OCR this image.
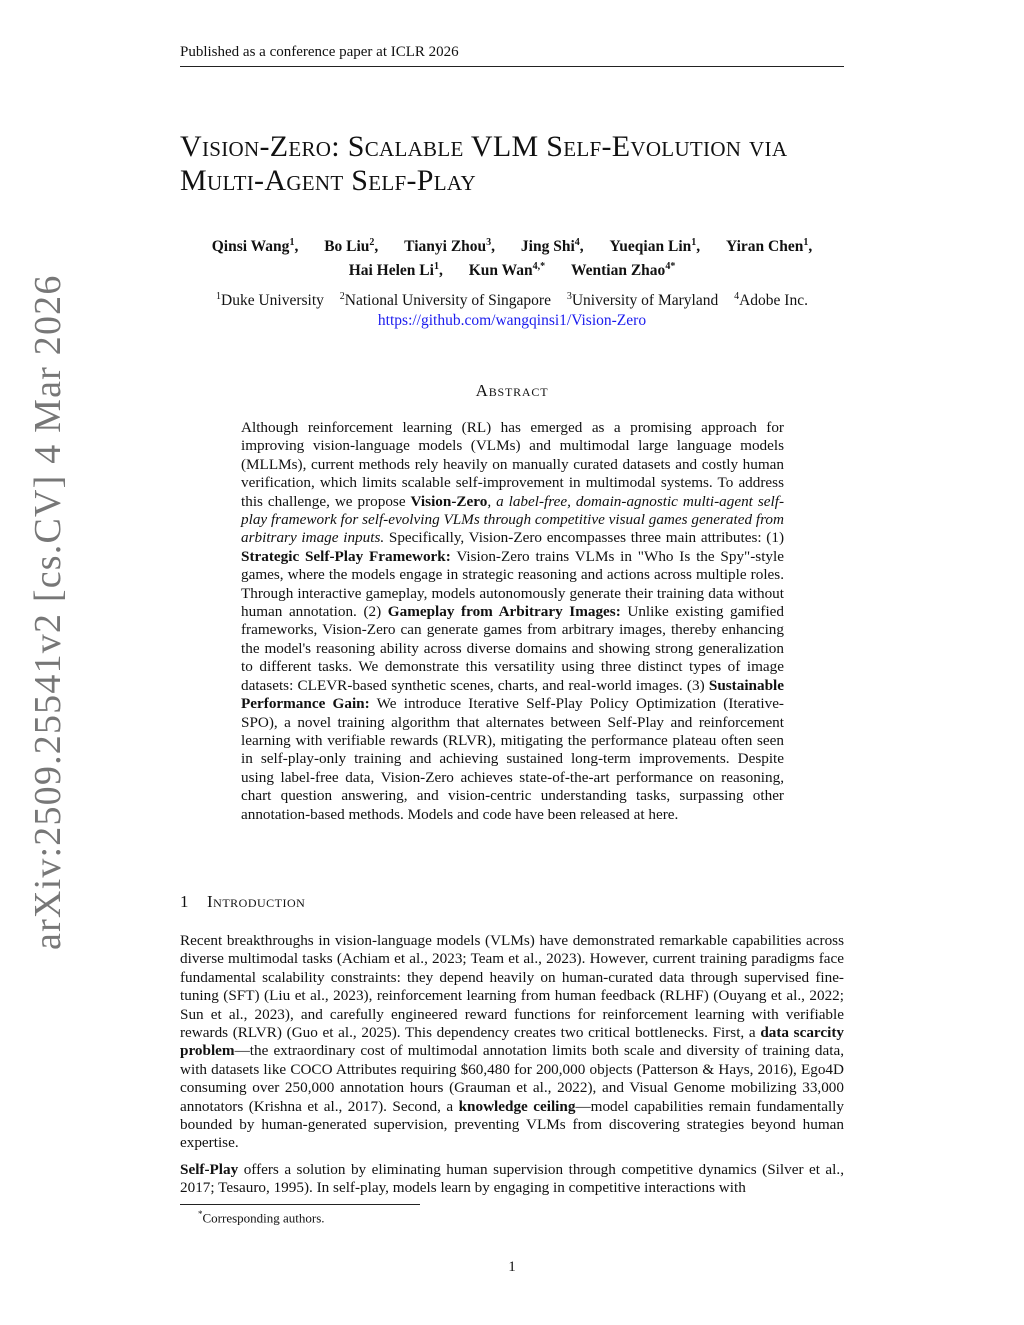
Published as a conference paper at ICLR 2026
Vision-Zero: Scalable VLM Self-Evolution via
Multi-Agent Self-Play
Qinsi Wang$^1$, Bo Liu$^2$, Tianyi Zhou$^3$, Jing Shi$^4$, Yueqian Lin$^1$, Yiran Chen$^1$,
Hai Helen Li$^1$, Kun Wan$^{4,*}$ Wentian Zhao$^{4*}$
$^1$Duke University $^2$National University of Singapore $^3$University of Maryland $^4$Adobe Inc.
https://github.com/wangqinsi1/Vision-Zero
arXiv:2509.25541v2 [cs.CV] 4 Mar 2026	Abstract
Although reinforcement learning (RL) has emerged as a promising approach for improving vision-language models (VLMs) and multimodal large language models (MLLMs), current methods rely heavily on manually curated datasets and costly human verification, which limits scalable self-improvement in multimodal systems. To address this challenge, we propose Vision-Zero, a label-free, domain-agnostic multi-agent self-play framework for self-evolving VLMs through competitive visual games generated from arbitrary image inputs. Specifically, Vision-Zero encompasses three main attributes: (1) Strategic Self-Play Framework: Vision-Zero trains VLMs in "Who Is the Spy"-style games, where the models engage in strategic reasoning and actions across multiple roles. Through interactive gameplay, models autonomously generate their training data without human annotation. (2) Gameplay from Arbitrary Images: Unlike existing gamified frameworks, Vision-Zero can generate games from arbitrary images, thereby enhancing the model's reasoning ability across diverse domains and showing strong generalization to different tasks. We demonstrate this versatility using three distinct types of image datasets: CLEVR-based synthetic scenes, charts, and real-world images. (3) Sustainable Performance Gain: We introduce Iterative Self-Play Policy Optimization (Iterative-SPO), a novel training algorithm that alternates between Self-Play and reinforcement learning with verifiable rewards (RLVR), mitigating the performance plateau often seen in self-play-only training and achieving sustained long-term improvements. Despite using label-free data, Vision-Zero achieves state-of-the-art performance on reasoning, chart question answering, and vision-centric understanding tasks, surpassing other annotation-based methods. Models and code have been released at here.
1 Introduction

Recent breakthroughs in vision-language models (VLMs) have demonstrated remarkable capabilities across diverse multimodal tasks (Achiam et al., 2023; Team et al., 2023). However, current training paradigms face fundamental scalability constraints: they depend heavily on human-curated data through supervised fine-tuning (SFT) (Liu et al., 2023), reinforcement learning from human feedback (RLHF) (Ouyang et al., 2022; Sun et al., 2023), and carefully engineered reward functions for reinforcement learning with verifiable rewards (RLVR) (Guo et al., 2025). This dependency creates two critical bottlenecks. First, a data scarcity problem—the extraordinary cost of multimodal annotation limits both scale and diversity of training data, with datasets like COCO Attributes requiring $60,480 for 200,000 objects (Patterson & Hays, 2016), Ego4D consuming over 250,000 annotation hours (Grauman et al., 2022), and Visual Genome mobilizing 33,000 annotators (Krishna et al., 2017). Second, a knowledge ceiling—model capabilities remain fundamentally bounded by human-generated supervision, preventing VLMs from discovering strategies beyond human expertise.

Self-Play offers a solution by eliminating human supervision through competitive dynamics (Silver et al., 2017; Tesauro, 1995). In self-play, models learn by engaging in competitive interactions with

*Corresponding authors.
1
